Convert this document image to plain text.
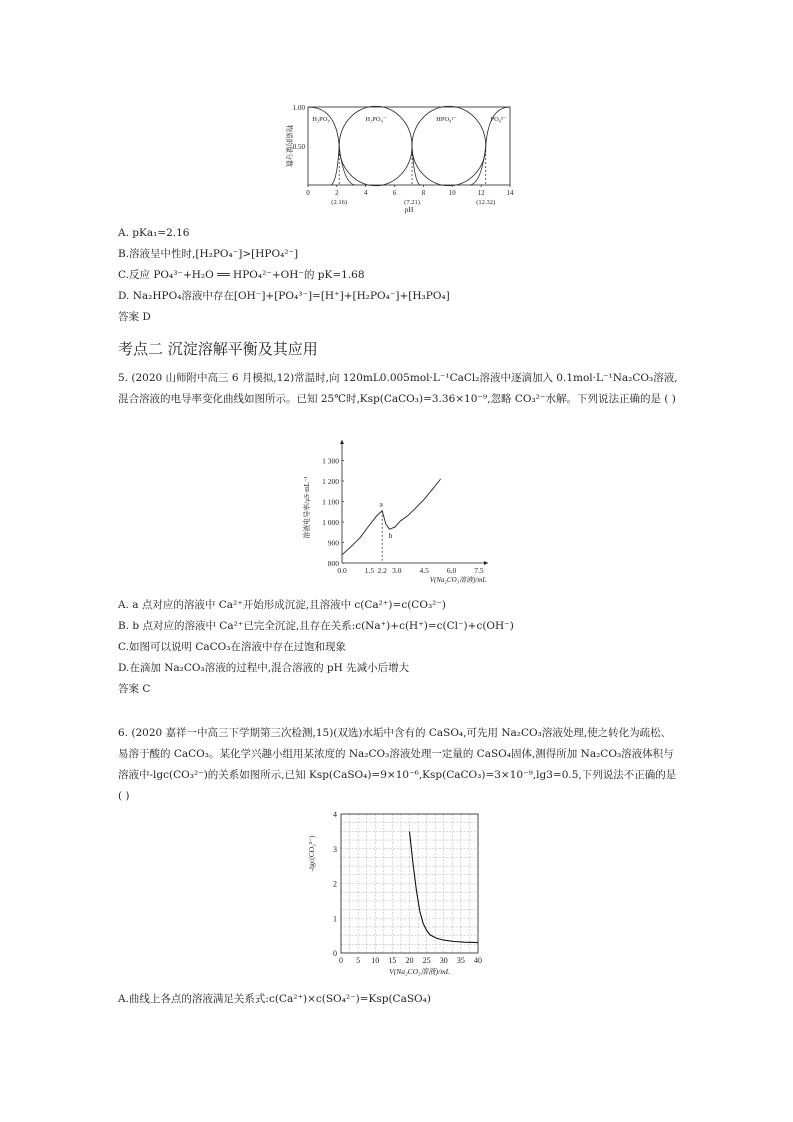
0.50
1.00
0	2	4	6	8	10	12	14
(2.16)	(7.21)	(12.32)
pH
物质的量分数
H₃PO₄	H₂PO₄⁻	HPO₄²⁻	PO₄³⁻
A. pKa₁=2.16
B.溶液呈中性时,[H₂PO₄⁻]>[HPO₄²⁻]
C.反应 PO₄³⁻+H₂O ══ HPO₄²⁻+OH⁻的 pK=1.68
D. Na₂HPO₄溶液中存在[OH⁻]+[PO₄³⁻]=[H⁺]+[H₂PO₄⁻]+[H₃PO₄]
答案 D
考点二 沉淀溶解平衡及其应用
5. (2020 山师附中高三 6 月模拟,12)常温时,向 120mL0.005mol·L⁻¹CaCl₂溶液中逐滴加入 0.1mol·L⁻¹Na₂CO₃溶液,混合溶液的电导率变化曲线如图所示。已知 25℃时,Ksp(CaCO₃)=3.36×10⁻⁹,忽略 CO₃²⁻水解。下列说法正确的是 ( )
800
900
1 000
1 100
1 200
1 300
0.0 1.5 2.2 3.0 4.5 6.0 7.5
a
b
V(Na₂CO₃溶液)/mL
溶液电导率/μS·mL⁻¹
A. a 点对应的溶液中 Ca²⁺开始形成沉淀,且溶液中 c(Ca²⁺)=c(CO₃²⁻)
B. b 点对应的溶液中 Ca²⁺已完全沉淀,且存在关系:c(Na⁺)+c(H⁺)=c(Cl⁻)+c(OH⁻)
C.如图可以说明 CaCO₃在溶液中存在过饱和现象
D.在滴加 Na₂CO₃溶液的过程中,混合溶液的 pH 先减小后增大
答案 C
6. (2020 嘉祥一中高三下学期第三次检测,15)(双选)水垢中含有的 CaSO₄,可先用 Na₂CO₃溶液处理,使之转化为疏松、易溶于酸的 CaCO₃。某化学兴趣小组用某浓度的 Na₂CO₃溶液处理一定量的 CaSO₄固体,测得所加 Na₂CO₃溶液体积与溶液中-lgc(CO₃²⁻)的关系如图所示,已知 Ksp(CaSO₄)=9×10⁻⁶,Ksp(CaCO₃)=3×10⁻⁹,lg3=0.5,下列说法不正确的是 ( )
0
1
2
3
4
0 5 10 15 20 25 30 35 40
V(Na₂CO₃溶液)/mL
-lgc(CO₃²⁻)
A.曲线上各点的溶液满足关系式:c(Ca²⁺)×c(SO₄²⁻)=Ksp(CaSO₄)
